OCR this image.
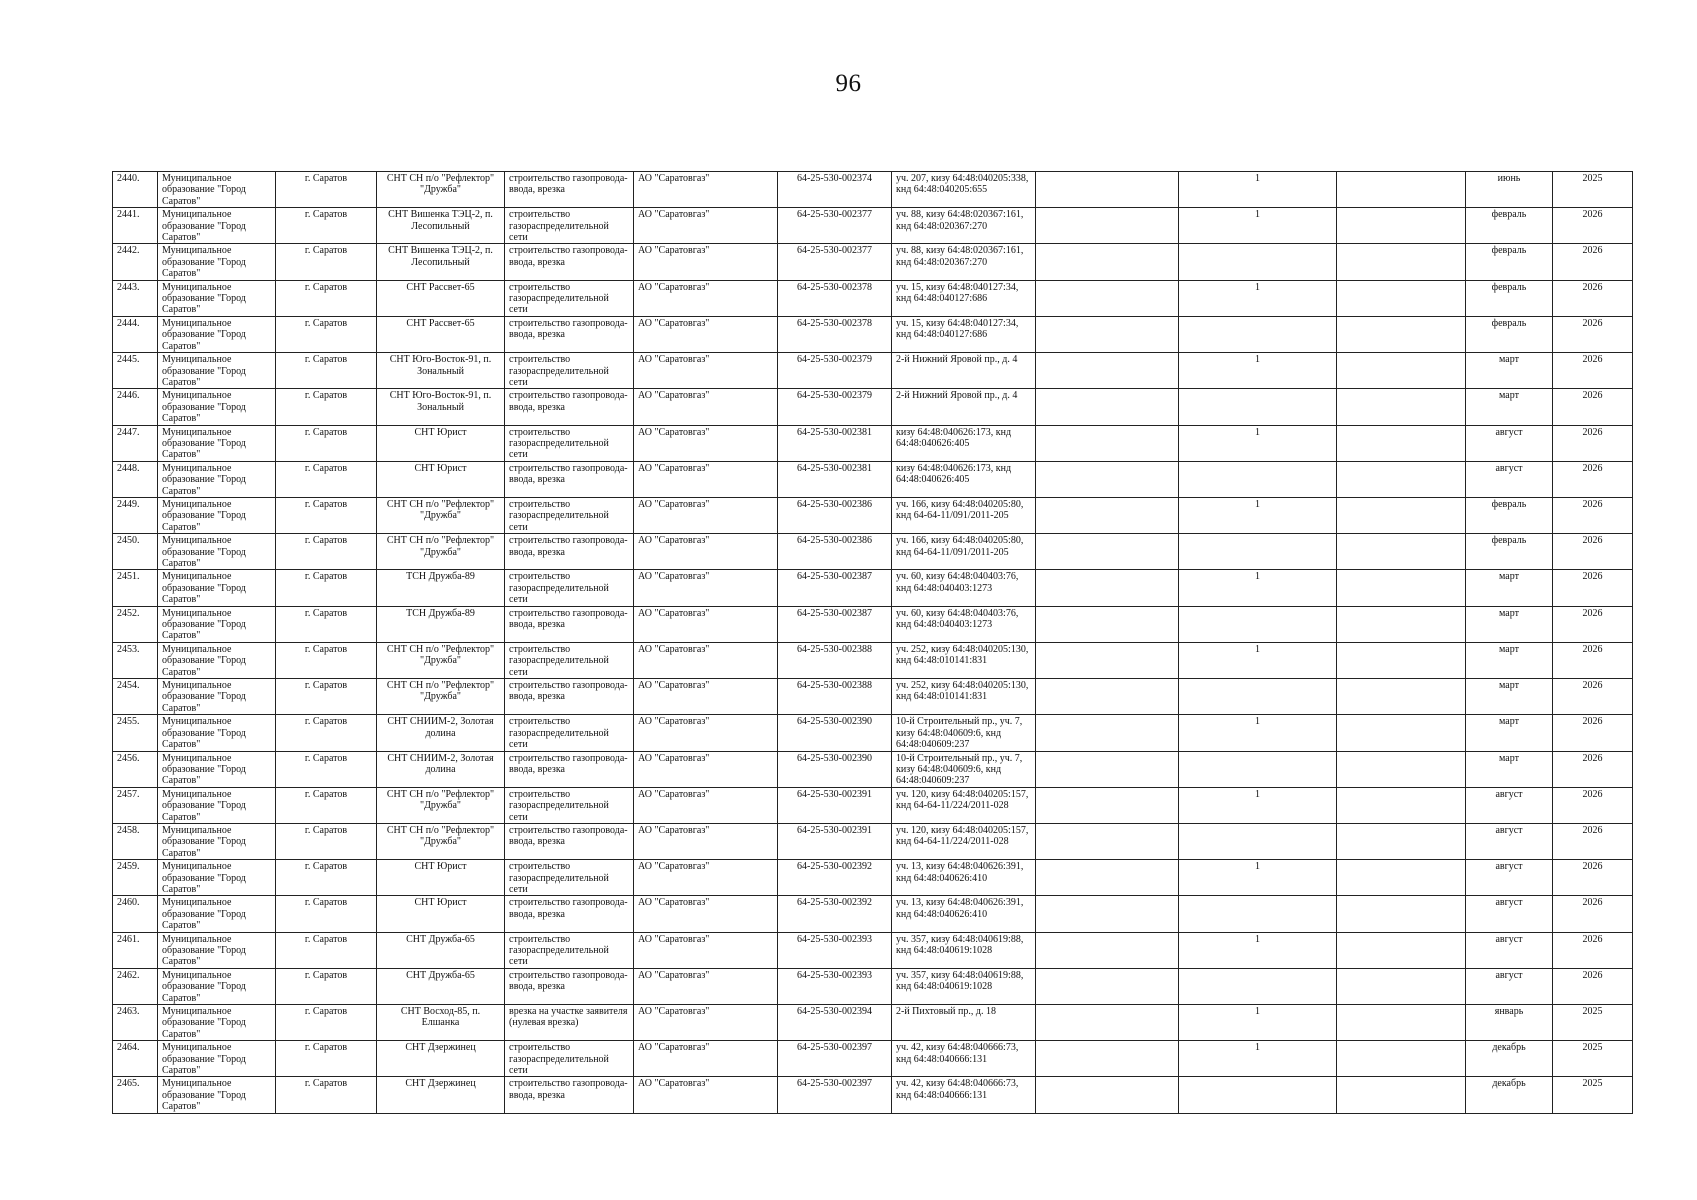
96
2440.	Муниципальное образование "Город Саратов"	г. Саратов	СНТ СН п/о "Рефлектор" "Дружба"	строительство газопровода-ввода, врезка	АО "Саратовгаз"	64-25-530-002374	уч. 207, кизу 64:48:040205:338, кнд 64:48:040205:655		1		июнь	2025
2441.	Муниципальное образование "Город Саратов"	г. Саратов	СНТ Вишенка ТЭЦ-2, п. Лесопильный	строительство газораспределительной сети	АО "Саратовгаз"	64-25-530-002377	уч. 88, кизу 64:48:020367:161, кнд 64:48:020367:270		1		февраль	2026
2442.	Муниципальное образование "Город Саратов"	г. Саратов	СНТ Вишенка ТЭЦ-2, п. Лесопильный	строительство газопровода-ввода, врезка	АО "Саратовгаз"	64-25-530-002377	уч. 88, кизу 64:48:020367:161, кнд 64:48:020367:270				февраль	2026
2443.	Муниципальное образование "Город Саратов"	г. Саратов	СНТ Рассвет-65	строительство газораспределительной сети	АО "Саратовгаз"	64-25-530-002378	уч. 15, кизу 64:48:040127:34, кнд 64:48:040127:686		1		февраль	2026
2444.	Муниципальное образование "Город Саратов"	г. Саратов	СНТ Рассвет-65	строительство газопровода-ввода, врезка	АО "Саратовгаз"	64-25-530-002378	уч. 15, кизу 64:48:040127:34, кнд 64:48:040127:686				февраль	2026
2445.	Муниципальное образование "Город Саратов"	г. Саратов	СНТ Юго-Восток-91, п. Зональный	строительство газораспределительной сети	АО "Саратовгаз"	64-25-530-002379	2-й Нижний Яровой пр., д. 4		1		март	2026
2446.	Муниципальное образование "Город Саратов"	г. Саратов	СНТ Юго-Восток-91, п. Зональный	строительство газопровода-ввода, врезка	АО "Саратовгаз"	64-25-530-002379	2-й Нижний Яровой пр., д. 4				март	2026
2447.	Муниципальное образование "Город Саратов"	г. Саратов	СНТ Юрист	строительство газораспределительной сети	АО "Саратовгаз"	64-25-530-002381	кизу 64:48:040626:173, кнд 64:48:040626:405		1		август	2026
2448.	Муниципальное образование "Город Саратов"	г. Саратов	СНТ Юрист	строительство газопровода-ввода, врезка	АО "Саратовгаз"	64-25-530-002381	кизу 64:48:040626:173, кнд 64:48:040626:405				август	2026
2449.	Муниципальное образование "Город Саратов"	г. Саратов	СНТ СН п/о "Рефлектор" "Дружба"	строительство газораспределительной сети	АО "Саратовгаз"	64-25-530-002386	уч. 166, кизу 64:48:040205:80, кнд 64-64-11/091/2011-205		1		февраль	2026
2450.	Муниципальное образование "Город Саратов"	г. Саратов	СНТ СН п/о "Рефлектор" "Дружба"	строительство газопровода-ввода, врезка	АО "Саратовгаз"	64-25-530-002386	уч. 166, кизу 64:48:040205:80, кнд 64-64-11/091/2011-205				февраль	2026
2451.	Муниципальное образование "Город Саратов"	г. Саратов	ТСН Дружба-89	строительство газораспределительной сети	АО "Саратовгаз"	64-25-530-002387	уч. 60, кизу 64:48:040403:76, кнд 64:48:040403:1273		1		март	2026
2452.	Муниципальное образование "Город Саратов"	г. Саратов	ТСН Дружба-89	строительство газопровода-ввода, врезка	АО "Саратовгаз"	64-25-530-002387	уч. 60, кизу 64:48:040403:76, кнд 64:48:040403:1273				март	2026
2453.	Муниципальное образование "Город Саратов"	г. Саратов	СНТ СН п/о "Рефлектор" "Дружба"	строительство газораспределительной сети	АО "Саратовгаз"	64-25-530-002388	уч. 252, кизу 64:48:040205:130, кнд 64:48:010141:831		1		март	2026
2454.	Муниципальное образование "Город Саратов"	г. Саратов	СНТ СН п/о "Рефлектор" "Дружба"	строительство газопровода-ввода, врезка	АО "Саратовгаз"	64-25-530-002388	уч. 252, кизу 64:48:040205:130, кнд 64:48:010141:831				март	2026
2455.	Муниципальное образование "Город Саратов"	г. Саратов	СНТ СНИИМ-2, Золотая долина	строительство газораспределительной сети	АО "Саратовгаз"	64-25-530-002390	10-й Строительный пр., уч. 7, кизу 64:48:040609:6, кнд 64:48:040609:237		1		март	2026
2456.	Муниципальное образование "Город Саратов"	г. Саратов	СНТ СНИИМ-2, Золотая долина	строительство газопровода-ввода, врезка	АО "Саратовгаз"	64-25-530-002390	10-й Строительный пр., уч. 7, кизу 64:48:040609:6, кнд 64:48:040609:237				март	2026
2457.	Муниципальное образование "Город Саратов"	г. Саратов	СНТ СН п/о "Рефлектор" "Дружба"	строительство газораспределительной сети	АО "Саратовгаз"	64-25-530-002391	уч. 120, кизу 64:48:040205:157, кнд 64-64-11/224/2011-028		1		август	2026
2458.	Муниципальное образование "Город Саратов"	г. Саратов	СНТ СН п/о "Рефлектор" "Дружба"	строительство газопровода-ввода, врезка	АО "Саратовгаз"	64-25-530-002391	уч. 120, кизу 64:48:040205:157, кнд 64-64-11/224/2011-028				август	2026
2459.	Муниципальное образование "Город Саратов"	г. Саратов	СНТ Юрист	строительство газораспределительной сети	АО "Саратовгаз"	64-25-530-002392	уч. 13, кизу 64:48:040626:391, кнд 64:48:040626:410		1		август	2026
2460.	Муниципальное образование "Город Саратов"	г. Саратов	СНТ Юрист	строительство газопровода-ввода, врезка	АО "Саратовгаз"	64-25-530-002392	уч. 13, кизу 64:48:040626:391, кнд 64:48:040626:410				август	2026
2461.	Муниципальное образование "Город Саратов"	г. Саратов	СНТ Дружба-65	строительство газораспределительной сети	АО "Саратовгаз"	64-25-530-002393	уч. 357, кизу 64:48:040619:88, кнд 64:48:040619:1028		1		август	2026
2462.	Муниципальное образование "Город Саратов"	г. Саратов	СНТ Дружба-65	строительство газопровода-ввода, врезка	АО "Саратовгаз"	64-25-530-002393	уч. 357, кизу 64:48:040619:88, кнд 64:48:040619:1028				август	2026
2463.	Муниципальное образование "Город Саратов"	г. Саратов	СНТ Восход-85, п. Елшанка	врезка на участке заявителя (нулевая врезка)	АО "Саратовгаз"	64-25-530-002394	2-й Пихтовый пр., д. 18		1		январь	2025
2464.	Муниципальное образование "Город Саратов"	г. Саратов	СНТ Дзержинец	строительство газораспределительной сети	АО "Саратовгаз"	64-25-530-002397	уч. 42, кизу 64:48:040666:73, кнд 64:48:040666:131		1		декабрь	2025
2465.	Муниципальное образование "Город Саратов"	г. Саратов	СНТ Дзержинец	строительство газопровода-ввода, врезка	АО "Саратовгаз"	64-25-530-002397	уч. 42, кизу 64:48:040666:73, кнд 64:48:040666:131				декабрь	2025
